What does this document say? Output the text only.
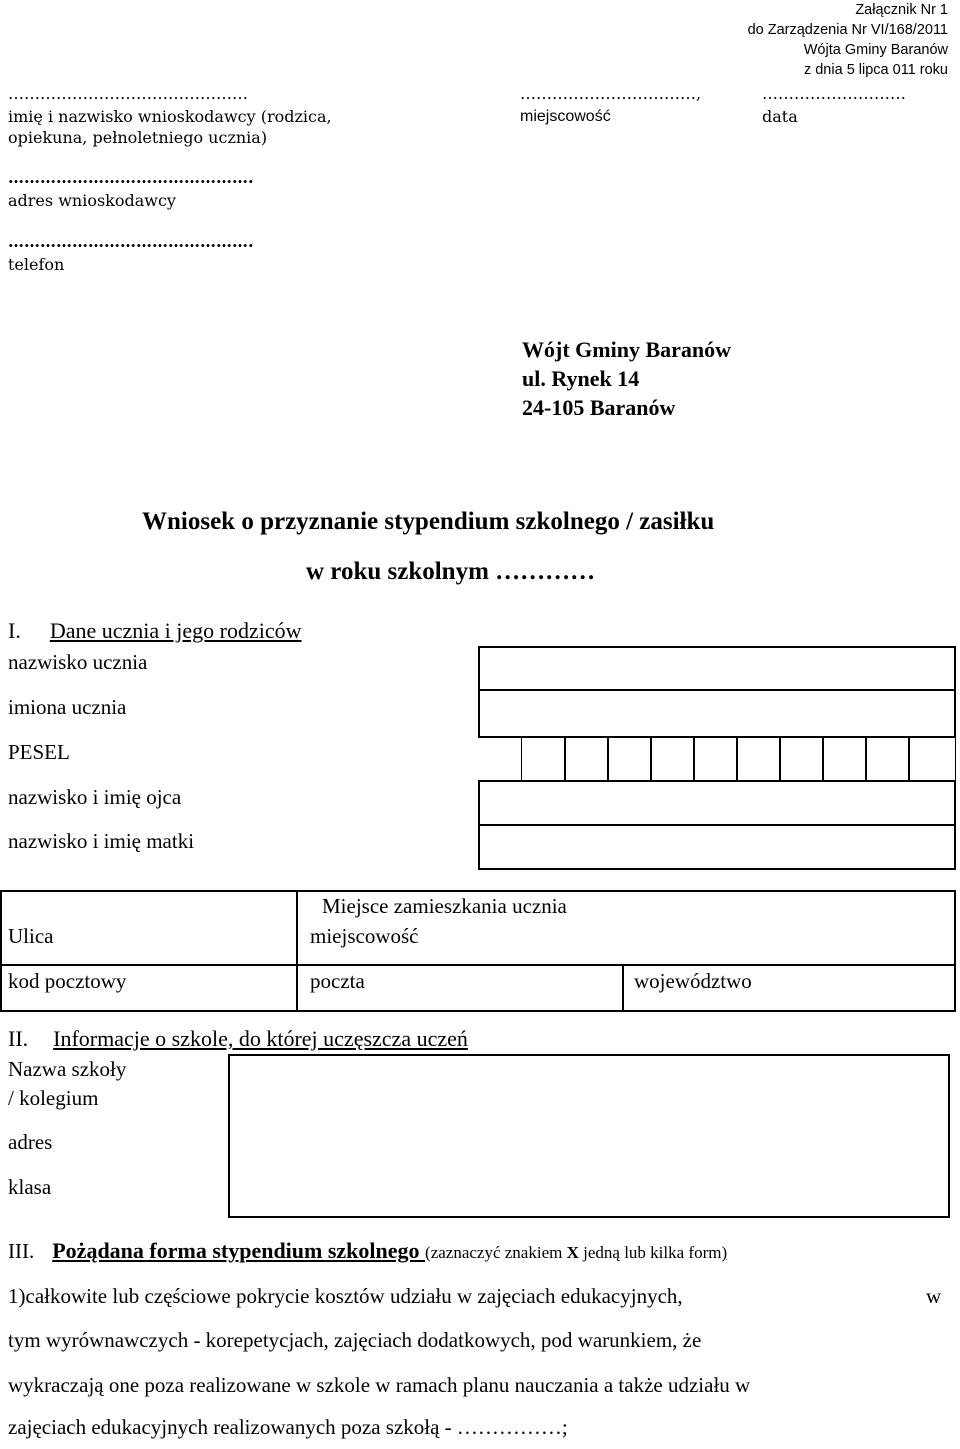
Załącznik Nr 1
do Zarządzenia Nr VI/168/2011
Wójta Gminy Baranów
z dnia 5 lipca 011 roku
………………………………………
imię i nazwisko wnioskodawcy (rodzica,
opiekuna, pełnoletniego ucznia)
……………………………,	………………………
miejscowość	data
……………………………………….
adres wnioskodawcy
……………………………………….
telefon
Wójt Gminy Baranów
ul. Rynek 14
24-105 Baranów
Wniosek o przyznanie stypendium szkolnego / zasiłku
w roku szkolnym …………
I. Dane ucznia i jego rodziców
nazwisko ucznia
imiona ucznia
PESEL
nazwisko i imię ojca
nazwisko i imię matki
Miejsce zamieszkania ucznia
Ulica	miejscowość
kod pocztowy	poczta	województwo
II. Informacje o szkole, do której uczęszcza uczeń
Nazwa szkoły
/ kolegium
adres
klasa
III. Pożądana forma stypendium szkolnego (zaznaczyć znakiem X jedną lub kilka form)
1)całkowite lub częściowe pokrycie kosztów udziału w zajęciach edukacyjnych,	w
tym wyrównawczych - korepetycjach, zajęciach dodatkowych, pod warunkiem, że
wykraczają one poza realizowane w szkole w ramach planu nauczania a także udziału w
zajęciach edukacyjnych realizowanych poza szkołą - ……………;
